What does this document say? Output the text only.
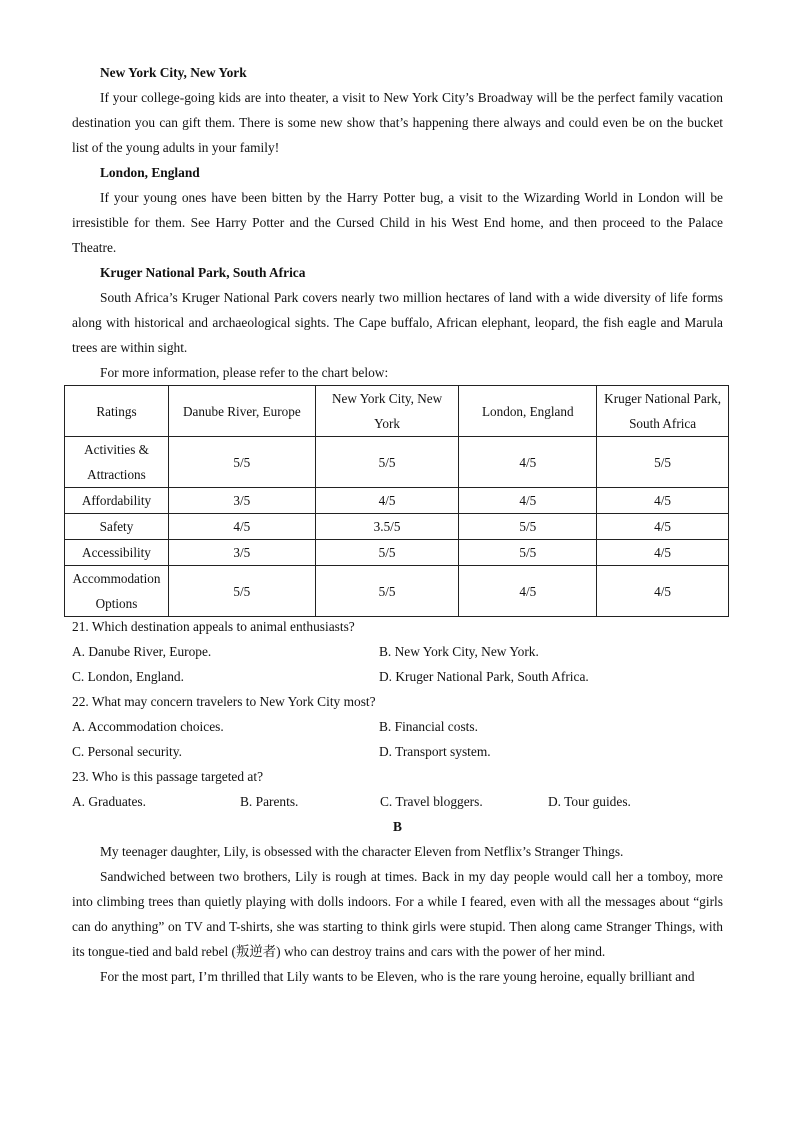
New York City, New York

If your college-going kids are into theater, a visit to New York City’s Broadway will be the perfect family vacation destination you can gift them. There is some new show that’s happening there always and could even be on the bucket list of the young adults in your family!

London, England

If your young ones have been bitten by the Harry Potter bug, a visit to the Wizarding World in London will be irresistible for them. See Harry Potter and the Cursed Child in his West End home, and then proceed to the Palace Theatre.

Kruger National Park, South Africa

South Africa’s Kruger National Park covers nearly two million hectares of land with a wide diversity of life forms along with historical and archaeological sights. The Cape buffalo, African elephant, leopard, the fish eagle and Marula trees are within sight.

For more information, please refer to the chart below:
Ratings	Danube River, Europe	New York City, New York	London, England	Kruger National Park, South Africa
Activities & Attractions	5/5	5/5	4/5	5/5
Affordability	3/5	4/5	4/5	4/5
Safety	4/5	3.5/5	5/5	4/5
Accessibility	3/5	5/5	5/5	4/5
Accommodation Options	5/5	5/5	4/5	4/5
21. Which destination appeals to animal enthusiasts?
A. Danube River, Europe.	B. New York City, New York.
C. London, England.	D. Kruger National Park, South Africa.
22. What may concern travelers to New York City most?
A. Accommodation choices.	B. Financial costs.
C. Personal security.	D. Transport system.
23. Who is this passage targeted at?
A. Graduates.	B. Parents.	C. Travel bloggers.	D. Tour guides.
B

My teenager daughter, Lily, is obsessed with the character Eleven from Netflix’s Stranger Things.

Sandwiched between two brothers, Lily is rough at times. Back in my day people would call her a tomboy, more into climbing trees than quietly playing with dolls indoors. For a while I feared, even with all the messages about “girls can do anything” on TV and T-shirts, she was starting to think girls were stupid. Then along came Stranger Things, with its tongue-tied and bald rebel (叛逆者) who can destroy trains and cars with the power of her mind.

For the most part, I’m thrilled that Lily wants to be Eleven, who is the rare young heroine, equally brilliant and
